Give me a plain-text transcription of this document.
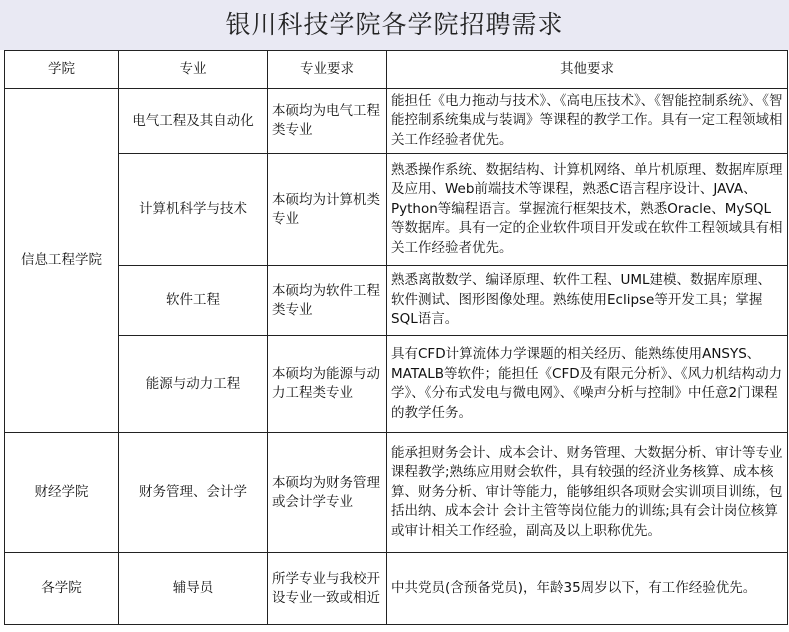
银川科技学院各学院招聘需求
学院	专业	专业要求	其他要求
信息工程学院	电气工程及其自动化	本硕均为电气工程类专业	能担任《电力拖动与技术》、《高电压技术》、《智能控制系统》、《智能控制系统集成与装调》等课程的教学工作。具有一定工程领域相关工作经验者优先。
	计算机科学与技术	本硕均为计算机类专业	熟悉操作系统、数据结构、计算机网络、单片机原理、数据库原理及应用、Web前端技术等课程，熟悉C语言程序设计、JAVA、Python等编程语言。掌握流行框架技术，熟悉Oracle、MySQL等数据库。具有一定的企业软件项目开发或在软件工程领域具有相关工作经验者优先。
	软件工程	本硕均为软件工程类专业	熟悉离散数学、编译原理、软件工程、UML建模、数据库原理、软件测试、图形图像处理。熟练使用Eclipse等开发工具；掌握SQL语言。
	能源与动力工程	本硕均为能源与动力工程类专业	具有CFD计算流体力学课题的相关经历、能熟练使用ANSYS、MATALB等软件；能担任《CFD及有限元分析》、《风力机结构动力学》、《分布式发电与微电网》、《噪声分析与控制》中任意2门课程的教学任务。
财经学院	财务管理、会计学	本硕均为财务管理或会计学专业	能承担财务会计、成本会计、财务管理、大数据分析、审计等专业课程教学;熟练应用财会软件，具有较强的经济业务核算、成本核算、财务分析、审计等能力，能够组织各项财会实训项目训练，包括出纳、成本会计 会计主管等岗位能力的训练;具有会计岗位核算或审计相关工作经验，副高及以上职称优先。
各学院	辅导员	所学专业与我校开设专业一致或相近	中共党员(含预备党员)，年龄35周岁以下，有工作经验优先。
